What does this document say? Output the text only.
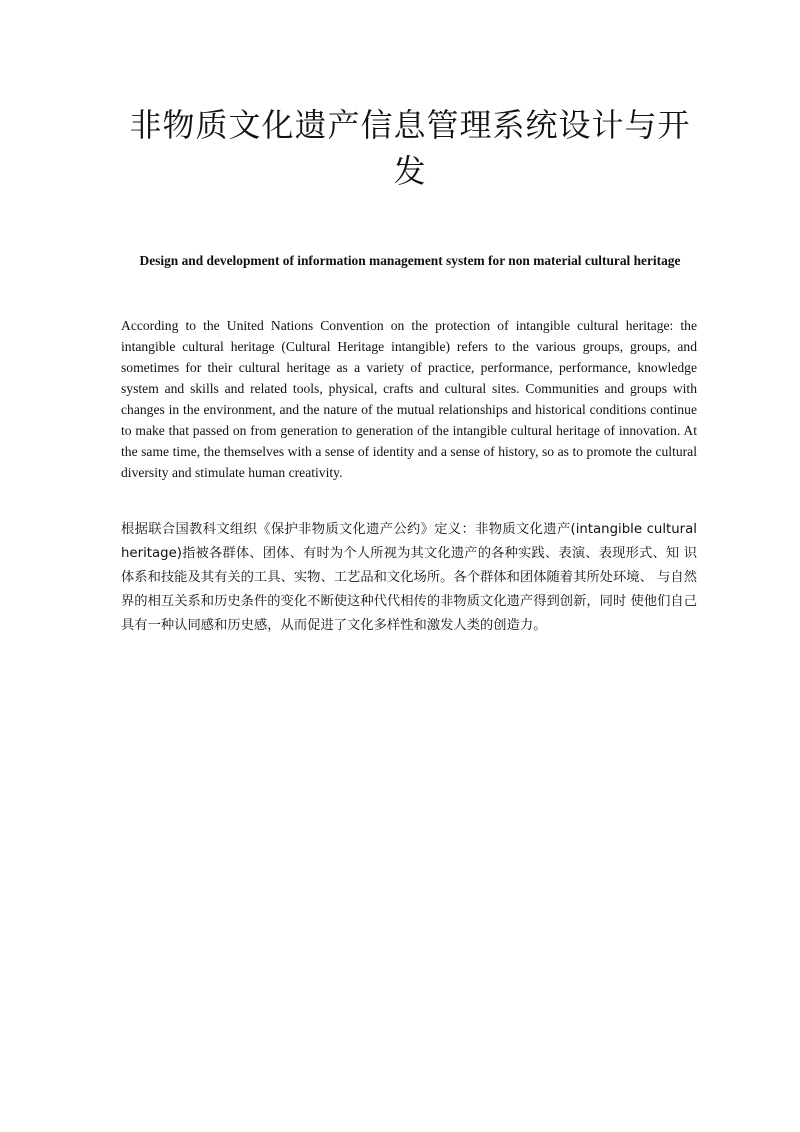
非物质文化遗产信息管理系统设计与开发

Design and development of information management system for non material cultural heritage

According to the United Nations Convention on the protection of intangible cultural heritage: the intangible cultural heritage (Cultural Heritage intangible) refers to the various groups, groups, and sometimes for their cultural heritage as a variety of practice, performance, performance, knowledge system and skills and related tools, physical, crafts and cultural sites. Communities and groups with changes in the environment, and the nature of the mutual relationships and historical conditions continue to make that passed on from generation to generation of the intangible cultural heritage of innovation. At the same time, the themselves with a sense of identity and a sense of history, so as to promote the cultural diversity and stimulate human creativity.

根据联合国教科文组织《保护非物质文化遗产公约》定义：非物质文化遗产(intangible cultural heritage)指被各群体、团体、有时为个人所视为其文化遗产的各种实践、表演、表现形式、知 识体系和技能及其有关的工具、实物、工艺品和文化场所。各个群体和团体随着其所处环境、 与自然界的相互关系和历史条件的变化不断使这种代代相传的非物质文化遗产得到创新，同时 使他们自己具有一种认同感和历史感，从而促进了文化多样性和激发人类的创造力。
